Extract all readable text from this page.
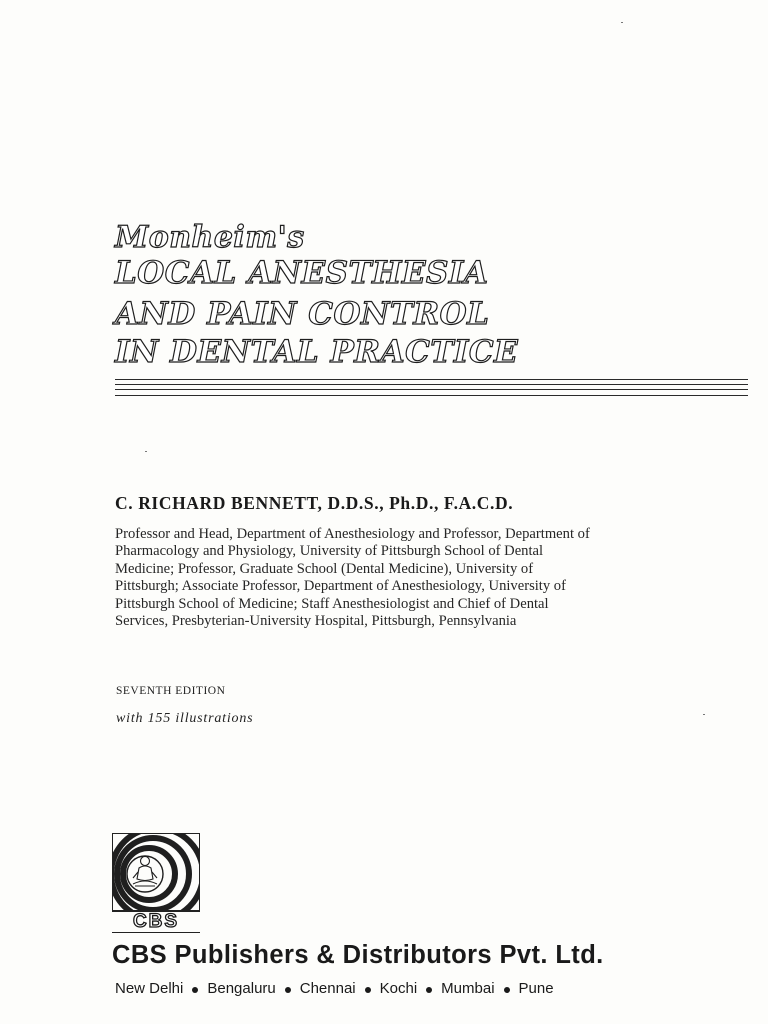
Monheim's
LOCAL ANESTHESIA
AND PAIN CONTROL
IN DENTAL PRACTICE
C. RICHARD BENNETT, D.D.S., Ph.D., F.A.C.D.
Professor and Head, Department of Anesthesiology and Professor, Department of
Pharmacology and Physiology, University of Pittsburgh School of Dental
Medicine; Professor, Graduate School (Dental Medicine), University of
Pittsburgh; Associate Professor, Department of Anesthesiology, University of
Pittsburgh School of Medicine; Staff Anesthesiologist and Chief of Dental
Services, Presbyterian-University Hospital, Pittsburgh, Pennsylvania
SEVENTH EDITION
with 155 illustrations
CBS
CBS Publishers & Distributors Pvt. Ltd.
New Delhi Bengaluru Chennai Kochi Mumbai Pune
